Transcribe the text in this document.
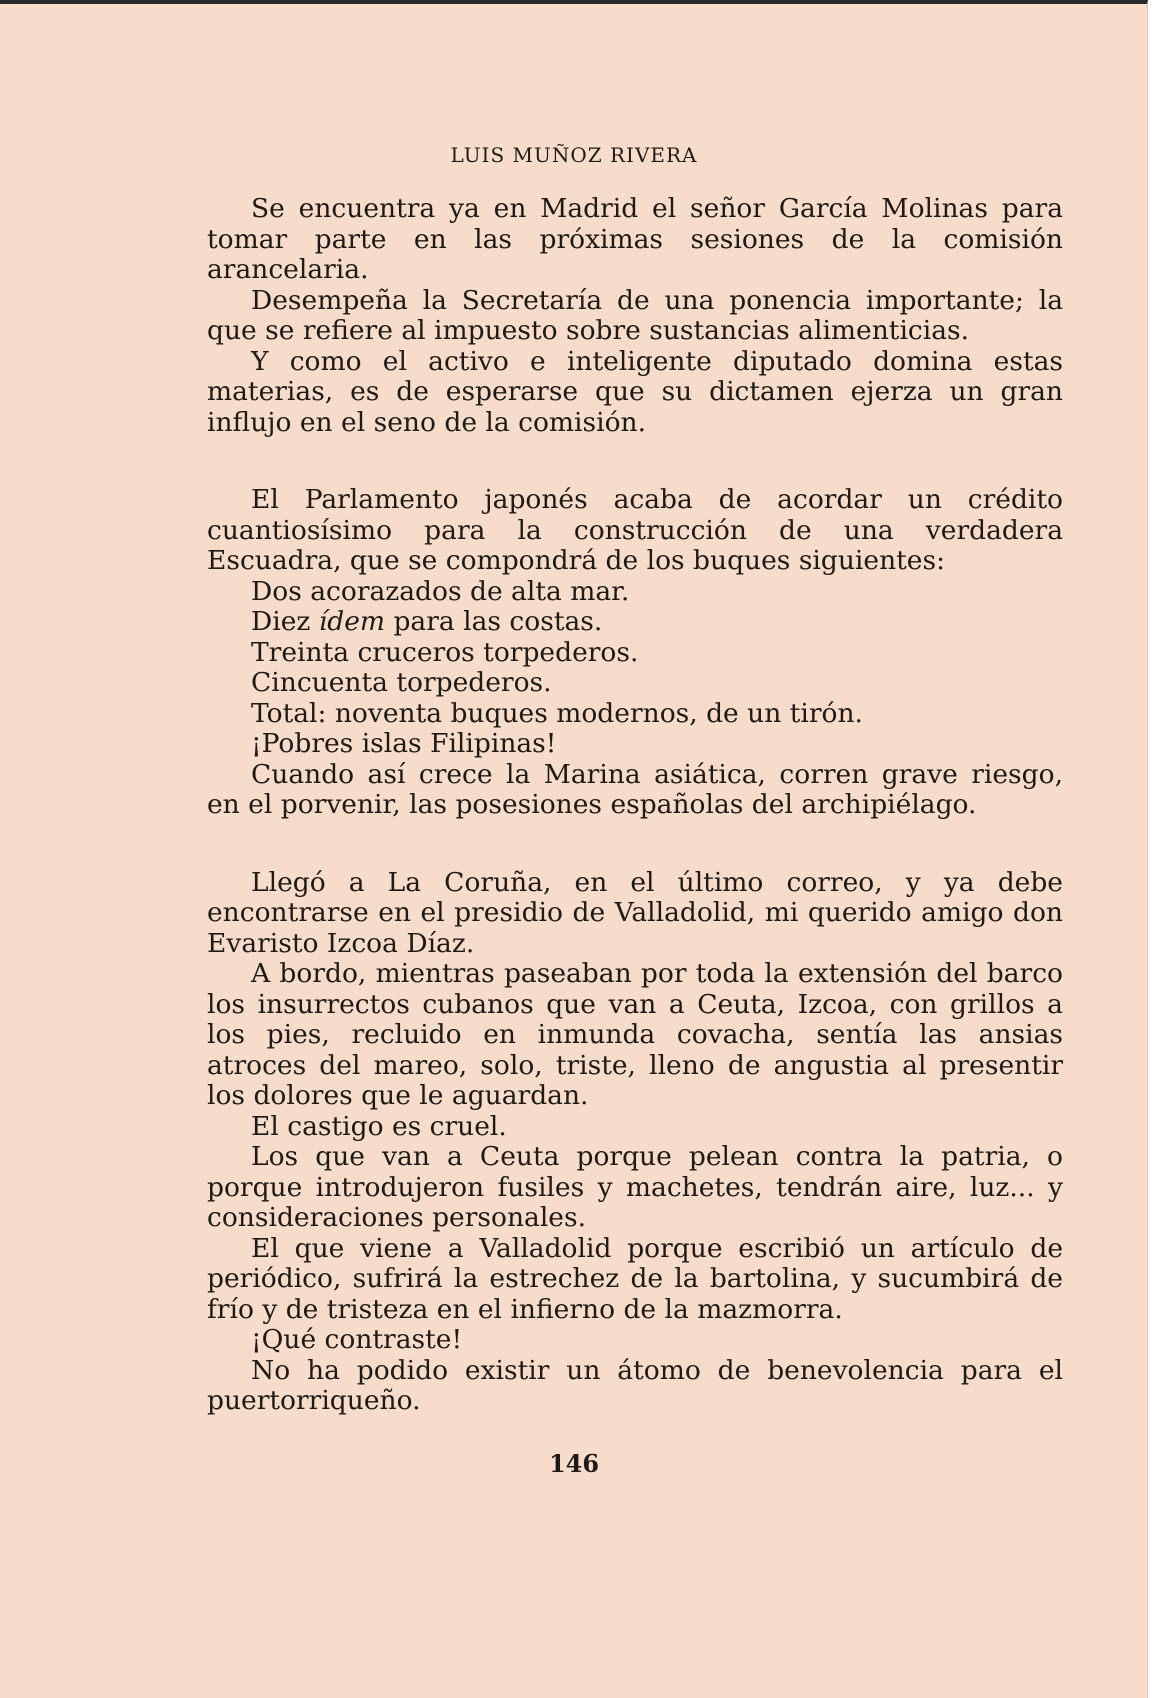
LUIS MUÑOZ RIVERA

Se encuentra ya en Madrid el señor García Molinas para tomar parte en las próximas sesiones de la comisión arancelaria.

Desempeña la Secretaría de una ponencia importante; la que se refiere al impuesto sobre sustancias alimenticias.

Y como el activo e inteligente diputado domina estas materias, es de esperarse que su dictamen ejerza un gran influjo en el seno de la comisión.

El Parlamento japonés acaba de acordar un crédito cuantiosísimo para la construcción de una verdadera Escuadra, que se compondrá de los buques siguientes:

Dos acorazados de alta mar.

Diez ídem para las costas.

Treinta cruceros torpederos.

Cincuenta torpederos.

Total: noventa buques modernos, de un tirón.

¡Pobres islas Filipinas!

Cuando así crece la Marina asiática, corren grave riesgo, en el porvenir, las posesiones españolas del archipiélago.

Llegó a La Coruña, en el último correo, y ya debe encontrarse en el presidio de Valladolid, mi querido amigo don Evaristo Izcoa Díaz.

A bordo, mientras paseaban por toda la extensión del barco los insurrectos cubanos que van a Ceuta, Izcoa, con grillos a los pies, recluido en inmunda covacha, sentía las ansias atroces del mareo, solo, triste, lleno de angustia al presentir los dolores que le aguardan.

El castigo es cruel.

Los que van a Ceuta porque pelean contra la patria, o porque introdujeron fusiles y machetes, tendrán aire, luz... y consideraciones personales.

El que viene a Valladolid porque escribió un artículo de periódico, sufrirá la estrechez de la bartolina, y sucumbirá de frío y de tristeza en el infierno de la mazmorra.

¡Qué contraste!

No ha podido existir un átomo de benevolencia para el puertorriqueño.

146
